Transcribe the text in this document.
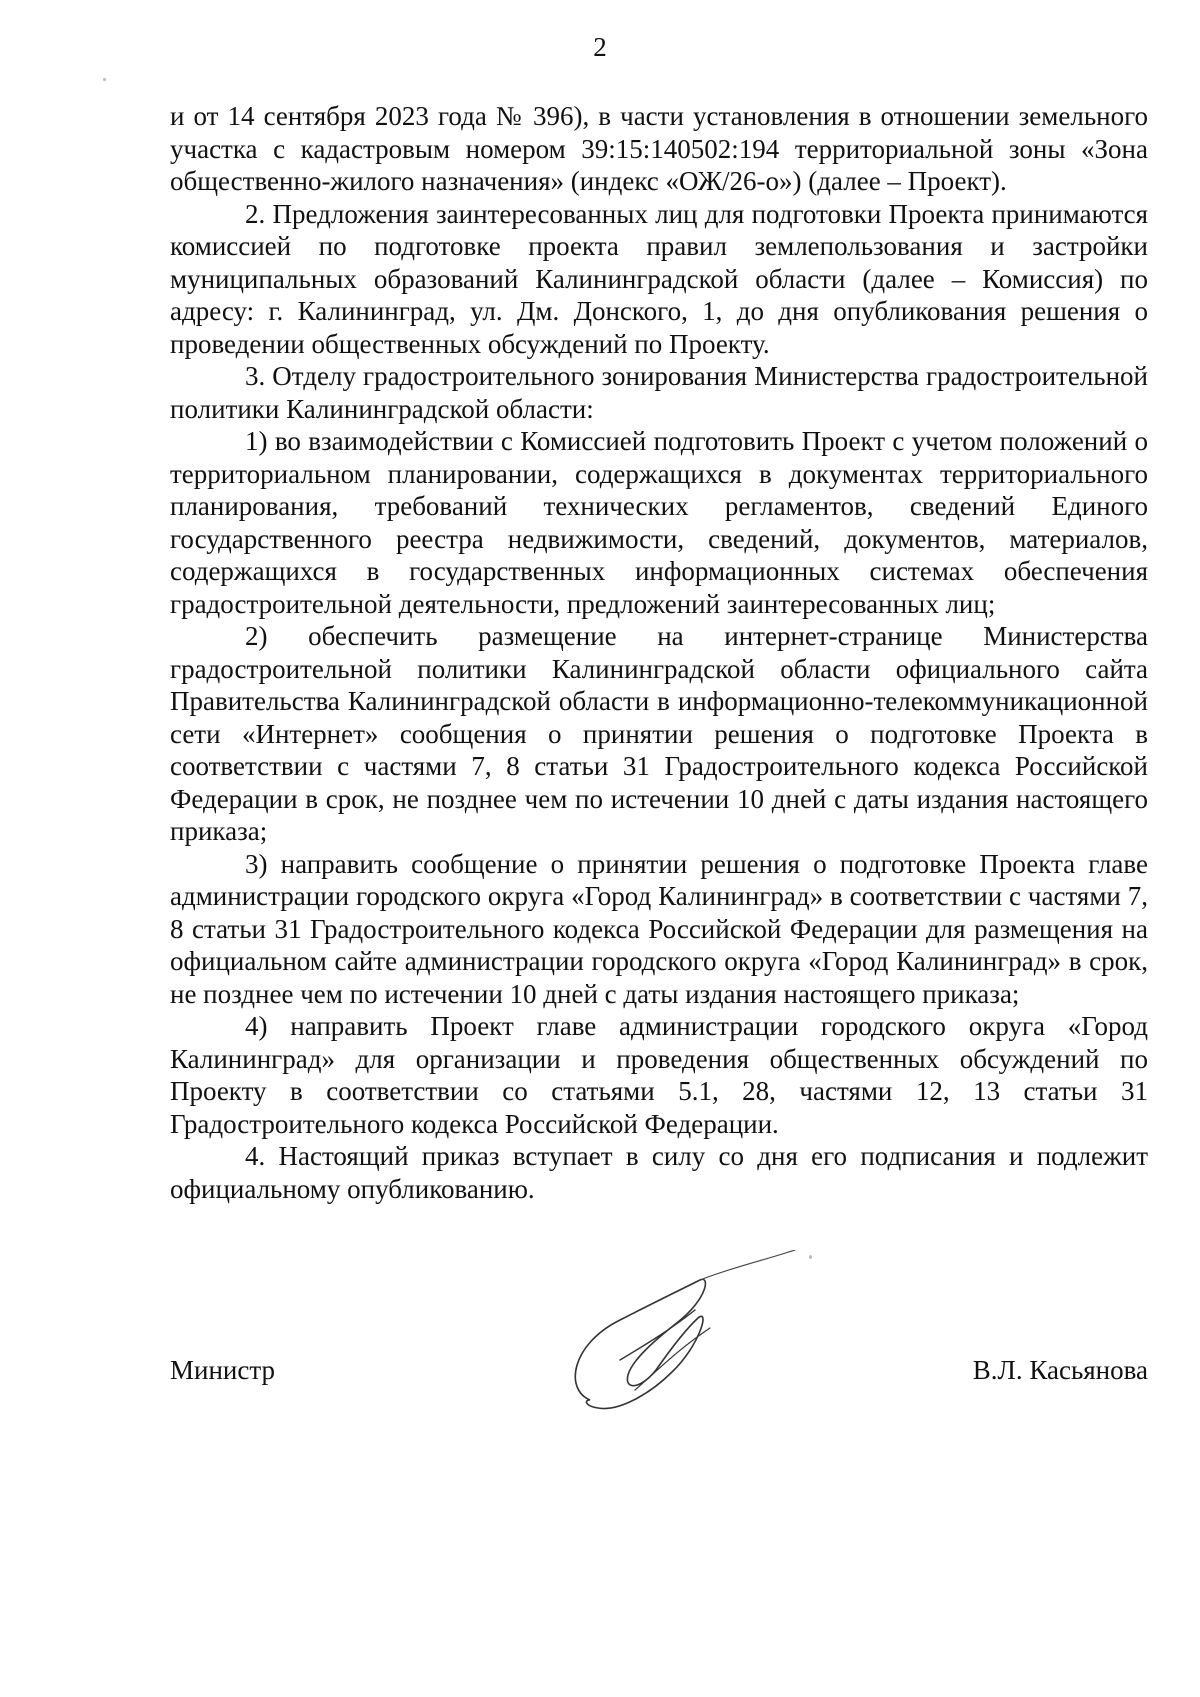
2

и от 14 сентября 2023 года № 396), в части установления в отношении земельного участка с кадастровым номером 39:15:140502:194 территориальной зоны «Зона общественно-жилого назначения» (индекс «ОЖ/26-о») (далее – Проект).

2. Предложения заинтересованных лиц для подготовки Проекта принимаются комиссией по подготовке проекта правил землепользования и застройки муниципальных образований Калининградской области (далее – Комиссия) по адресу: г. Калининград, ул. Дм. Донского, 1, до дня опубликования решения о проведении общественных обсуждений по Проекту.

3. Отделу градостроительного зонирования Министерства градостроительной политики Калининградской области:

1) во взаимодействии с Комиссией подготовить Проект с учетом положений о территориальном планировании, содержащихся в документах территориального планирования, требований технических регламентов, сведений Единого государственного реестра недвижимости, сведений, документов, материалов, содержащихся в государственных информационных системах обеспечения градостроительной деятельности, предложений заинтересованных лиц;

2) обеспечить размещение на интернет-странице Министерства градостроительной политики Калининградской области официального сайта Правительства Калининградской области в информационно-телекоммуникационной сети «Интернет» сообщения о принятии решения о подготовке Проекта в соответствии с частями 7, 8 статьи 31 Градостроительного кодекса Российской Федерации в срок, не позднее чем по истечении 10 дней с даты издания настоящего приказа;

3) направить сообщение о принятии решения о подготовке Проекта главе администрации городского округа «Город Калининград» в соответствии с частями 7, 8 статьи 31 Градостроительного кодекса Российской Федерации для размещения на официальном сайте администрации городского округа «Город Калининград» в срок, не позднее чем по истечении 10 дней с даты издания настоящего приказа;

4) направить Проект главе администрации городского округа «Город Калининград» для организации и проведения общественных обсуждений по Проекту в соответствии со статьями 5.1, 28, частями 12, 13 статьи 31 Градостроительного кодекса Российской Федерации.

4. Настоящий приказ вступает в силу со дня его подписания и подлежит официальному опубликованию.

Министр	В.Л. Касьянова
